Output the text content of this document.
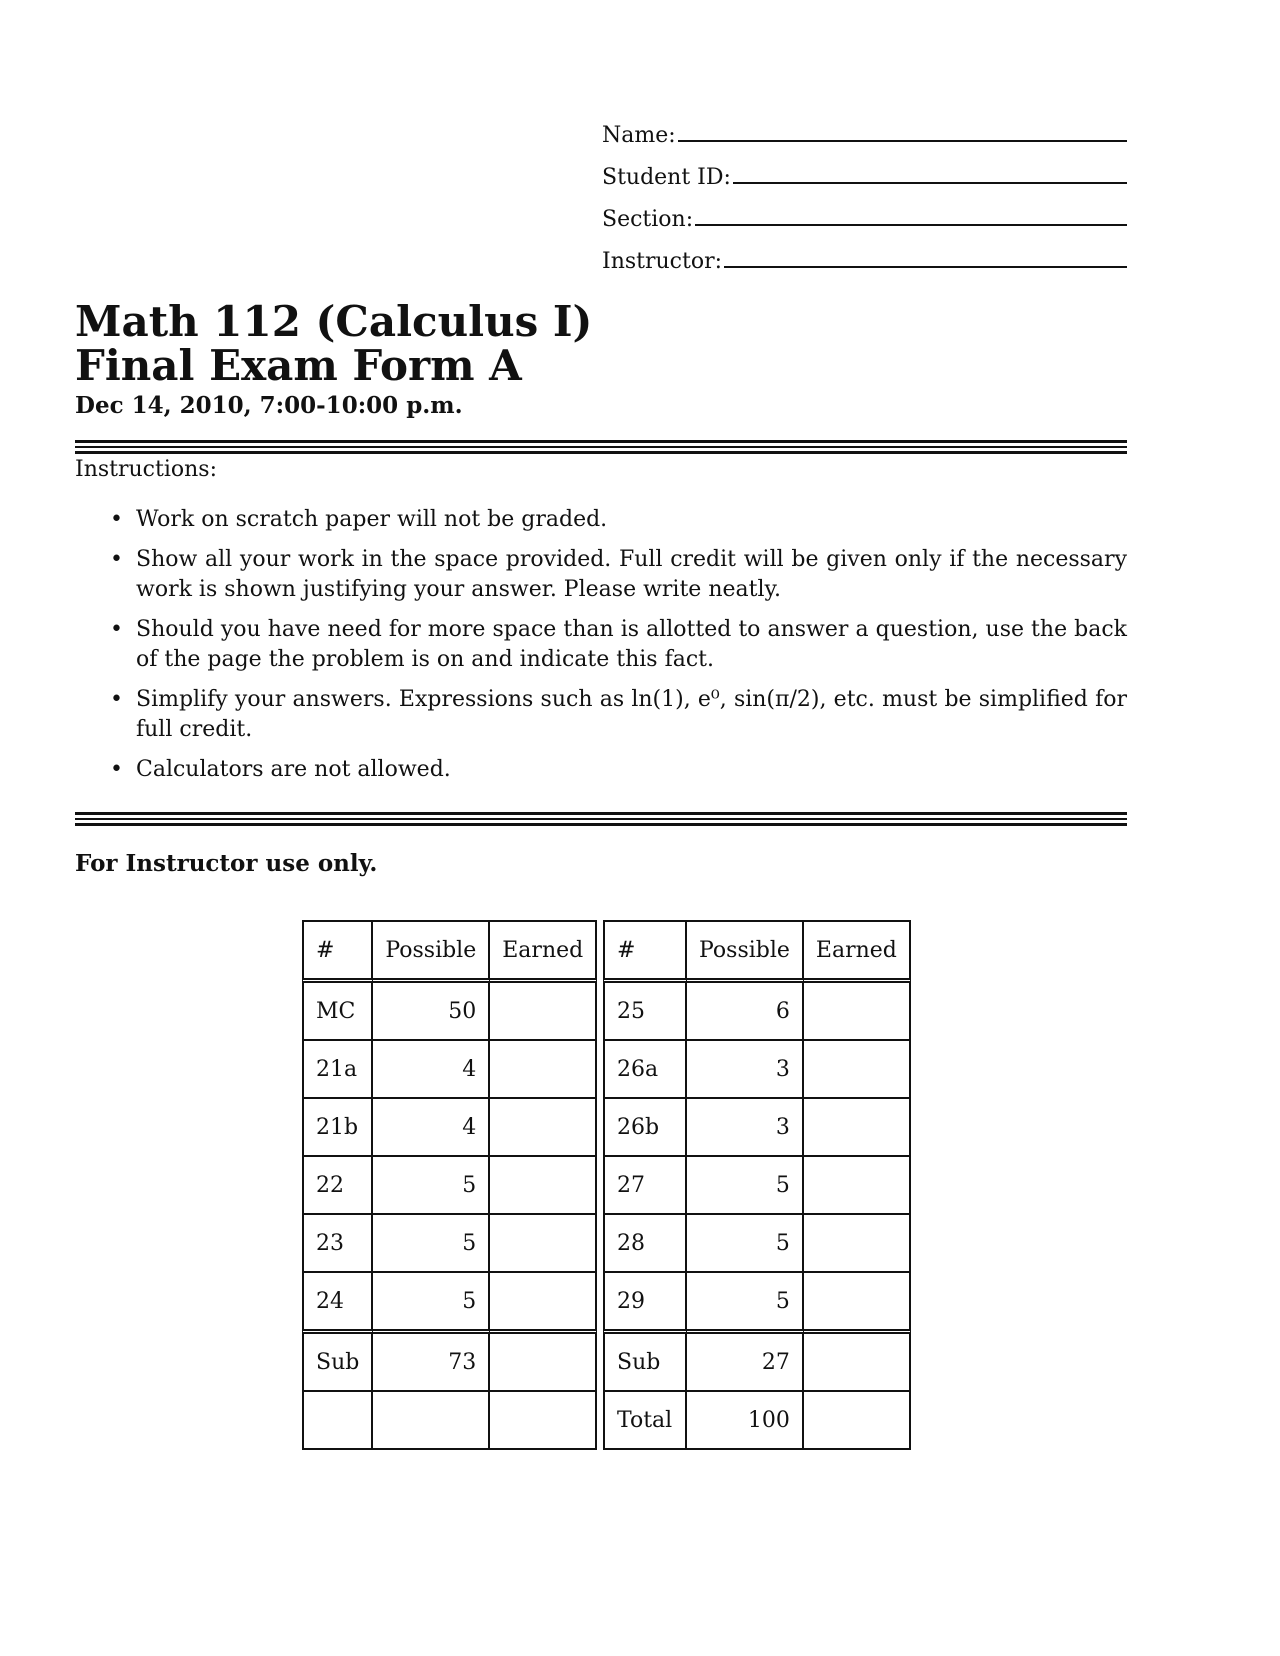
Name:
Student ID:
Section:
Instructor:
Math 112 (Calculus I)
Final Exam Form A
Dec 14, 2010, 7:00-10:00 p.m.
Instructions:
• Work on scratch paper will not be graded.
• Show all your work in the space provided. Full credit will be given only if the necessary work is shown justifying your answer. Please write neatly.
• Should you have need for more space than is allotted to answer a question, use the back of the page the problem is on and indicate this fact.
• Simplify your answers. Expressions such as ln(1), e⁰, sin(π/2), etc. must be simplified for full credit.
• Calculators are not allowed.
For Instructor use only.
#	Possible	Earned
MC	50	
21a	4	
21b	4	
22	5	
23	5	
24	5	
Sub	73	

#	Possible	Earned
25	6	
26a	3	
26b	3	
27	5	
28	5	
29	5	
Sub	27	
Total	100	
